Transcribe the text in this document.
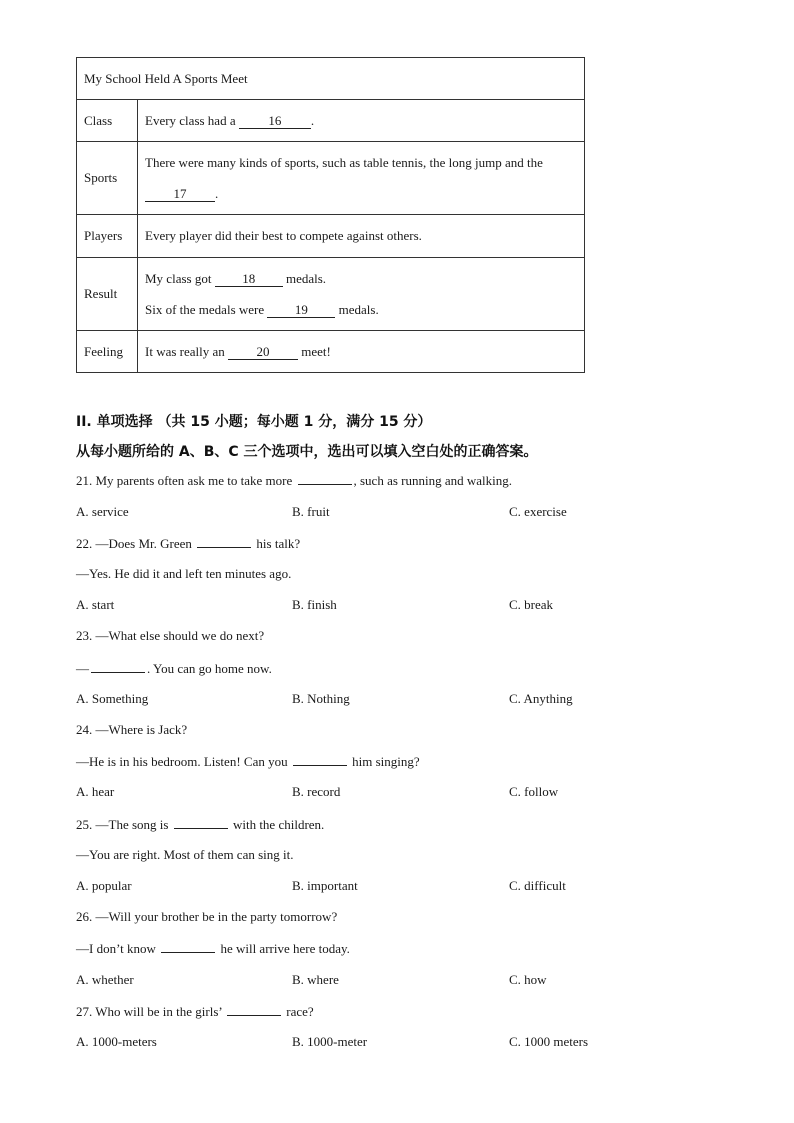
My School Held A Sports Meet	
Class	Every class had a 16 .
Sports	There were many kinds of sports, such as table tennis, the long jump and the
17 .
Players	Every player did their best to compete against others.
Result	My class got 18 medals.
Six of the medals were 19 medals.

Feeling	It was really an 20 meet!
II. 单项选择 （共 15 小题；每小题 1 分，满分 15 分）
从每小题所给的 A、B、C 三个选项中，选出可以填入空白处的正确答案。
21. My parents often ask me to take more	, such as running and walking.
A. service	B. fruit	C. exercise
22. —Does Mr. Green	his talk?
—Yes. He did it and left ten minutes ago.
A. start	B. finish	C. break
23. —What else should we do next?
—	. You can go home now.
A. Something	B. Nothing	C. Anything
24. —Where is Jack?
—He is in his bedroom. Listen! Can you	him singing?
A. hear	B. record	C. follow
25. —The song is	with the children.
—You are right. Most of them can sing it.
A. popular	B. important	C. difficult
26. —Will your brother be in the party tomorrow?
—I don’t know	he will arrive here today.
A. whether	B. where	C. how
27. Who will be in the girls’	race?
A. 1000-meters	B. 1000-meter	C. 1000 meters
